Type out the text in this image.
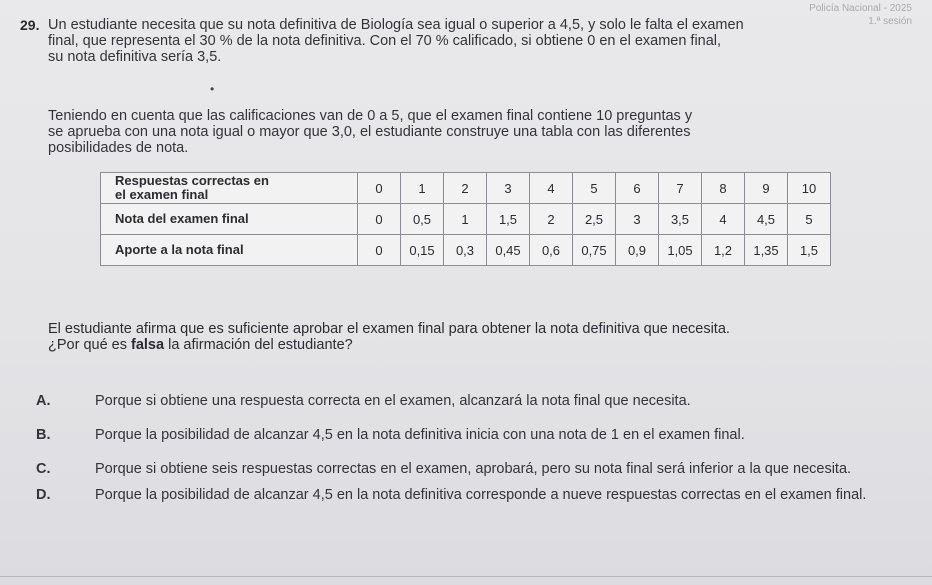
Policía Nacional - 2025
1.ª sesión
29. Un estudiante necesita que su nota definitiva de Biología sea igual o superior a 4,5, y solo le falta el examen
final, que representa el 30 % de la nota definitiva. Con el 70 % calificado, si obtiene 0 en el examen final,
su nota definitiva sería 3,5.
•
Teniendo en cuenta que las calificaciones van de 0 a 5, que el examen final contiene 10 preguntas y
se aprueba con una nota igual o mayor que 3,0, el estudiante construye una tabla con las diferentes
posibilidades de nota.
Respuestas correctas en
el examen final	0	1	2	3	4	5	6	7	8	9	10

Nota del examen final	0	0,5	1	1,5	2	2,5	3	3,5	4	4,5	5

Aporte a la nota final	0	0,15	0,3	0,45	0,6	0,75	0,9	1,05	1,2	1,35	1,5
El estudiante afirma que es suficiente aprobar el examen final para obtener la nota definitiva que necesita.
¿Por qué es falsa la afirmación del estudiante?
A.	Porque si obtiene una respuesta correcta en el examen, alcanzará la nota final que necesita.
B.	Porque la posibilidad de alcanzar 4,5 en la nota definitiva inicia con una nota de 1 en el examen final.
C.	Porque si obtiene seis respuestas correctas en el examen, aprobará, pero su nota final será inferior a la que necesita.
D.	Porque la posibilidad de alcanzar 4,5 en la nota definitiva corresponde a nueve respuestas correctas en el examen final.
